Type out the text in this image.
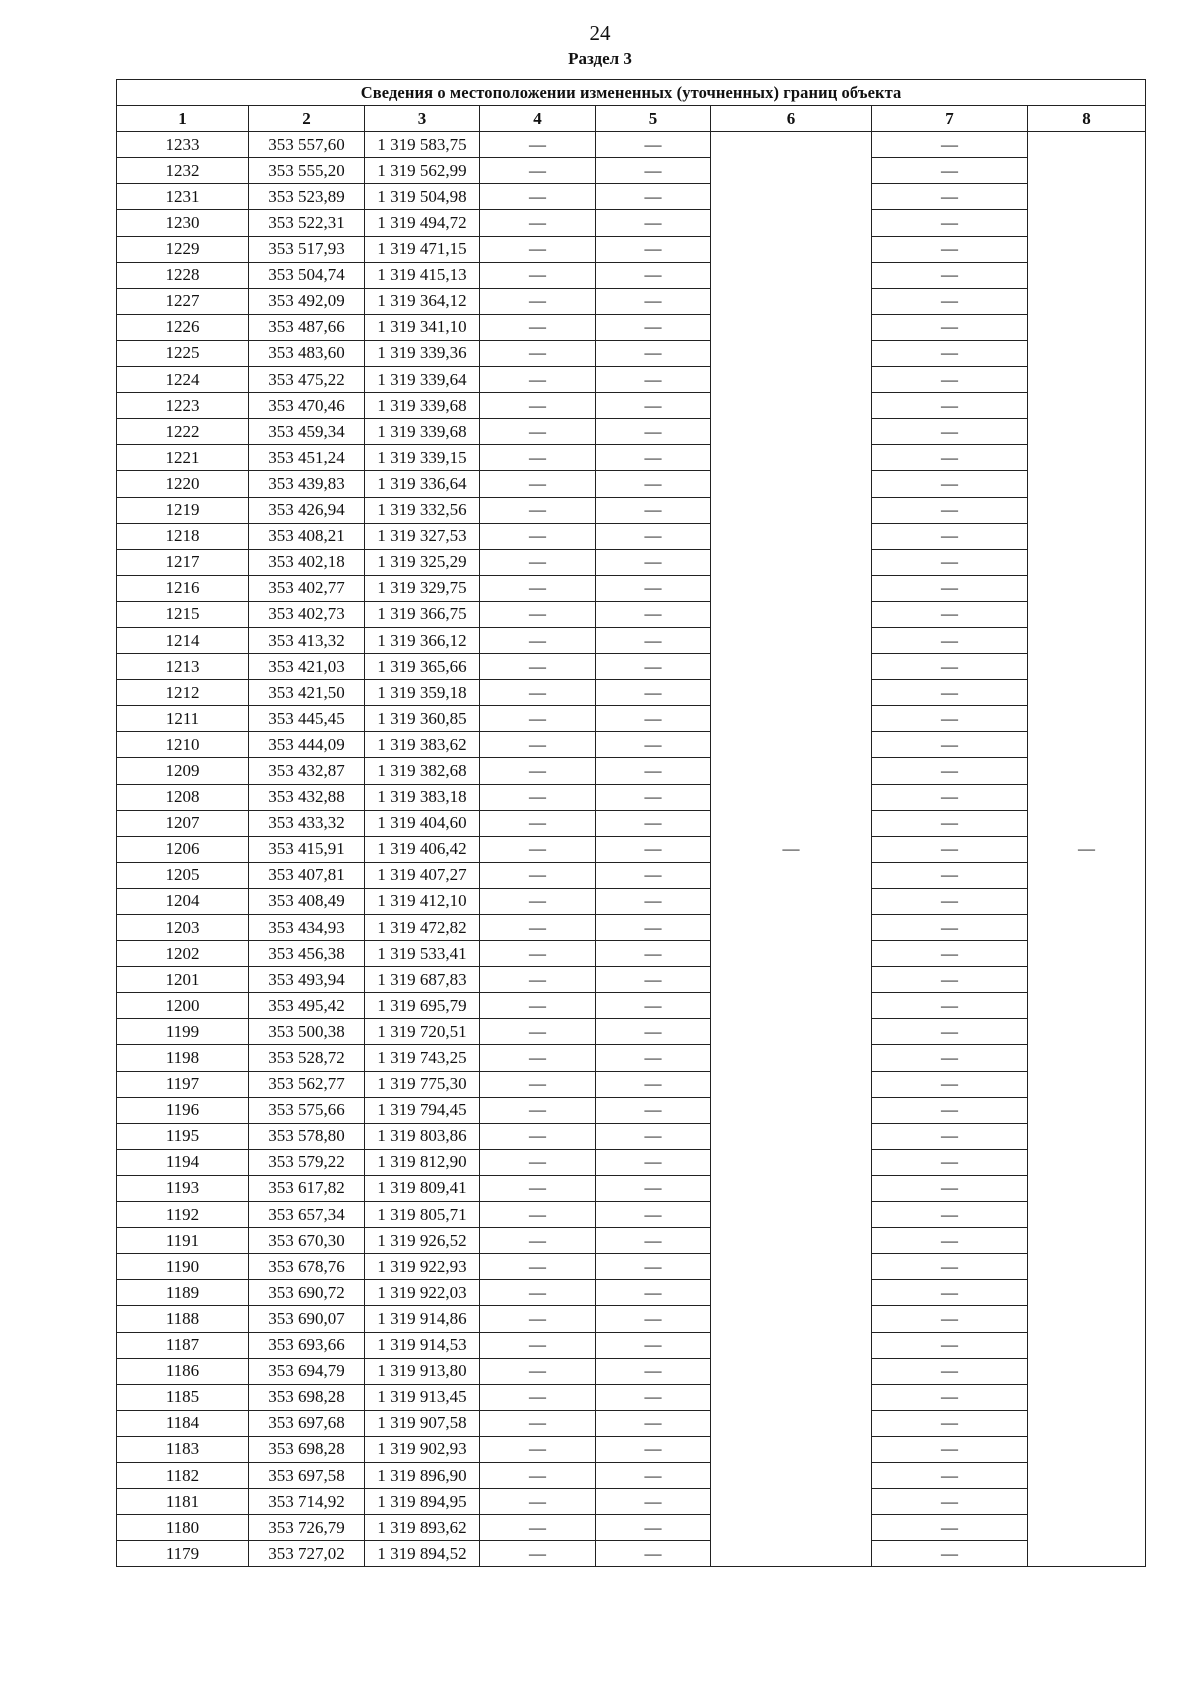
24
Раздел 3
Сведения о местоположении измененных (уточненных) границ объекта							
1	2	3	4	5	6	7	8
1233	353 557,60	1 319 583,75	—	—	—	—	—
1232	353 555,20	1 319 562,99	—	—		—	
1231	353 523,89	1 319 504,98	—	—		—	
1230	353 522,31	1 319 494,72	—	—		—	
1229	353 517,93	1 319 471,15	—	—		—	
1228	353 504,74	1 319 415,13	—	—		—	
1227	353 492,09	1 319 364,12	—	—		—	
1226	353 487,66	1 319 341,10	—	—		—	
1225	353 483,60	1 319 339,36	—	—		—	
1224	353 475,22	1 319 339,64	—	—		—	
1223	353 470,46	1 319 339,68	—	—		—	
1222	353 459,34	1 319 339,68	—	—		—	
1221	353 451,24	1 319 339,15	—	—		—	
1220	353 439,83	1 319 336,64	—	—		—	
1219	353 426,94	1 319 332,56	—	—		—	
1218	353 408,21	1 319 327,53	—	—		—	
1217	353 402,18	1 319 325,29	—	—		—	
1216	353 402,77	1 319 329,75	—	—		—	
1215	353 402,73	1 319 366,75	—	—		—	
1214	353 413,32	1 319 366,12	—	—		—	
1213	353 421,03	1 319 365,66	—	—		—	
1212	353 421,50	1 319 359,18	—	—		—	
1211	353 445,45	1 319 360,85	—	—		—	
1210	353 444,09	1 319 383,62	—	—		—	
1209	353 432,87	1 319 382,68	—	—		—	
1208	353 432,88	1 319 383,18	—	—		—	
1207	353 433,32	1 319 404,60	—	—		—	
1206	353 415,91	1 319 406,42	—	—		—	
1205	353 407,81	1 319 407,27	—	—		—	
1204	353 408,49	1 319 412,10	—	—		—	
1203	353 434,93	1 319 472,82	—	—		—	
1202	353 456,38	1 319 533,41	—	—		—	
1201	353 493,94	1 319 687,83	—	—		—	
1200	353 495,42	1 319 695,79	—	—		—	
1199	353 500,38	1 319 720,51	—	—		—	
1198	353 528,72	1 319 743,25	—	—		—	
1197	353 562,77	1 319 775,30	—	—		—	
1196	353 575,66	1 319 794,45	—	—		—	
1195	353 578,80	1 319 803,86	—	—		—	
1194	353 579,22	1 319 812,90	—	—		—	
1193	353 617,82	1 319 809,41	—	—		—	
1192	353 657,34	1 319 805,71	—	—		—	
1191	353 670,30	1 319 926,52	—	—		—	
1190	353 678,76	1 319 922,93	—	—		—	
1189	353 690,72	1 319 922,03	—	—		—	
1188	353 690,07	1 319 914,86	—	—		—	
1187	353 693,66	1 319 914,53	—	—		—	
1186	353 694,79	1 319 913,80	—	—		—	
1185	353 698,28	1 319 913,45	—	—		—	
1184	353 697,68	1 319 907,58	—	—		—	
1183	353 698,28	1 319 902,93	—	—		—	
1182	353 697,58	1 319 896,90	—	—		—	
1181	353 714,92	1 319 894,95	—	—		—	
1180	353 726,79	1 319 893,62	—	—		—	
1179	353 727,02	1 319 894,52	—	—		—	
